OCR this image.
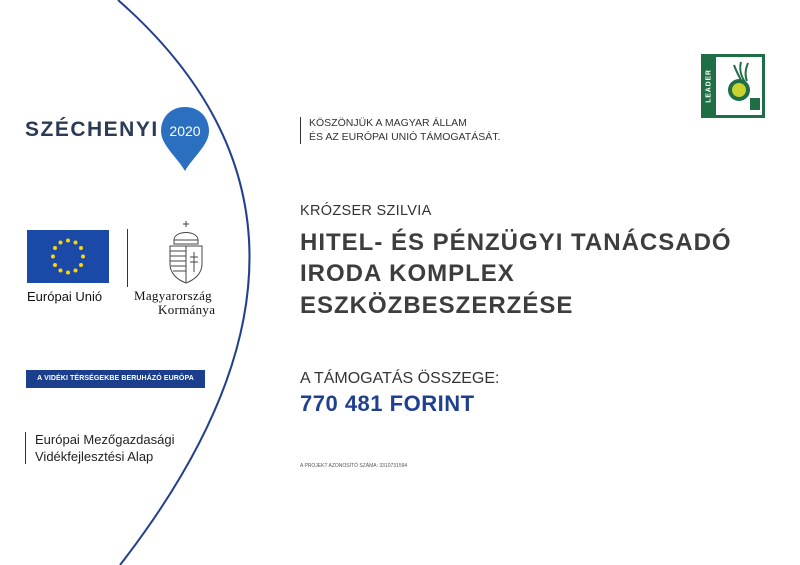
SZÉCHENYI 2020
Európai Unió Magyarország
Kormánya
A VIDÉKI TÉRSÉGEKBE BERUHÁZÓ EURÓPA
Európai Mezőgazdasági
Vidékfejlesztési Alap
KÖSZÖNJÜK A MAGYAR ÁLLAM
ÉS AZ EURÓPAI UNIÓ TÁMOGATÁSÁT.
KRÓZSER SZILVIA
HITEL- ÉS PÉNZÜGYI TANÁCSADÓ
IRODA KOMPLEX
ESZKÖZBESZERZÉSE
A TÁMOGATÁS ÖSSZEGE:
770 481 FORINT
A PROJEKT AZONOSÍTÓ SZÁMA: 3310731594
LEADER
